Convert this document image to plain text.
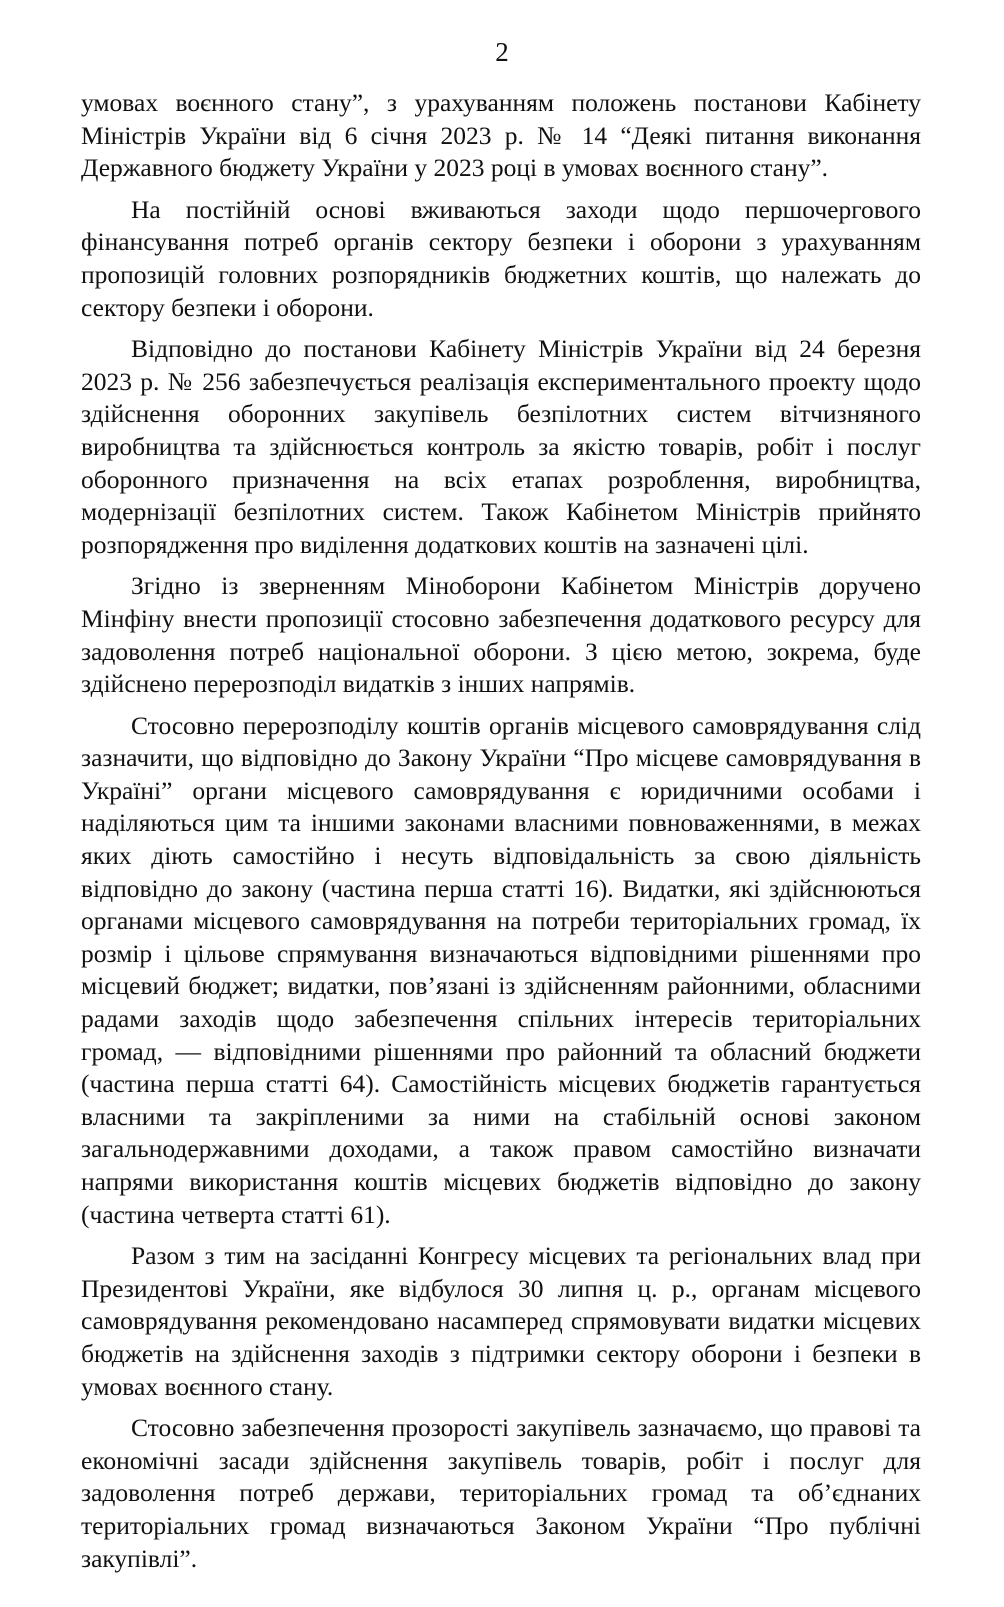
2

умовах воєнного стану”, з урахуванням положень постанови Кабінету Міністрів України від 6 січня 2023 р. № 14 “Деякі питання виконання Державного бюджету України у 2023 році в умовах воєнного стану”.

На постійній основі вживаються заходи щодо першочергового фінансування потреб органів сектору безпеки і оборони з урахуванням пропозицій головних розпорядників бюджетних коштів, що належать до сектору безпеки і оборони.

Відповідно до постанови Кабінету Міністрів України від 24 березня 2023 р. № 256 забезпечується реалізація експериментального проекту щодо здійснення оборонних закупівель безпілотних систем вітчизняного виробництва та здійснюється контроль за якістю товарів, робіт і послуг оборонного призначення на всіх етапах розроблення, виробництва, модернізації безпілотних систем. Також Кабінетом Міністрів прийнято розпорядження про виділення додаткових коштів на зазначені цілі.

Згідно із зверненням Міноборони Кабінетом Міністрів доручено Мінфіну внести пропозиції стосовно забезпечення додаткового ресурсу для задоволення потреб національної оборони. З цією метою, зокрема, буде здійснено перерозподіл видатків з інших напрямів.

Стосовно перерозподілу коштів органів місцевого самоврядування слід зазначити, що відповідно до Закону України “Про місцеве самоврядування в Україні” органи місцевого самоврядування є юридичними особами і наділяються цим та іншими законами власними повноваженнями, в межах яких діють самостійно і несуть відповідальність за свою діяльність відповідно до закону (частина перша статті 16). Видатки, які здійснюються органами місцевого самоврядування на потреби територіальних громад, їх розмір і цільове спрямування визначаються відповідними рішеннями про місцевий бюджет; видатки, пов’язані із здійсненням районними, обласними радами заходів щодо забезпечення спільних інтересів територіальних громад, — відповідними рішеннями про районний та обласний бюджети (частина перша статті 64). Самостійність місцевих бюджетів гарантується власними та закріпленими за ними на стабільній основі законом загальнодержавними доходами, а також правом самостійно визначати напрями використання коштів місцевих бюджетів відповідно до закону (частина четверта статті 61).

Разом з тим на засіданні Конгресу місцевих та регіональних влад при Президентові України, яке відбулося 30 липня ц. р., органам місцевого самоврядування рекомендовано насамперед спрямовувати видатки місцевих бюджетів на здійснення заходів з підтримки сектору оборони і безпеки в умовах воєнного стану.

Стосовно забезпечення прозорості закупівель зазначаємо, що правові та економічні засади здійснення закупівель товарів, робіт і послуг для задоволення потреб держави, територіальних громад та об’єднаних територіальних громад визначаються Законом України “Про публічні закупівлі”.
